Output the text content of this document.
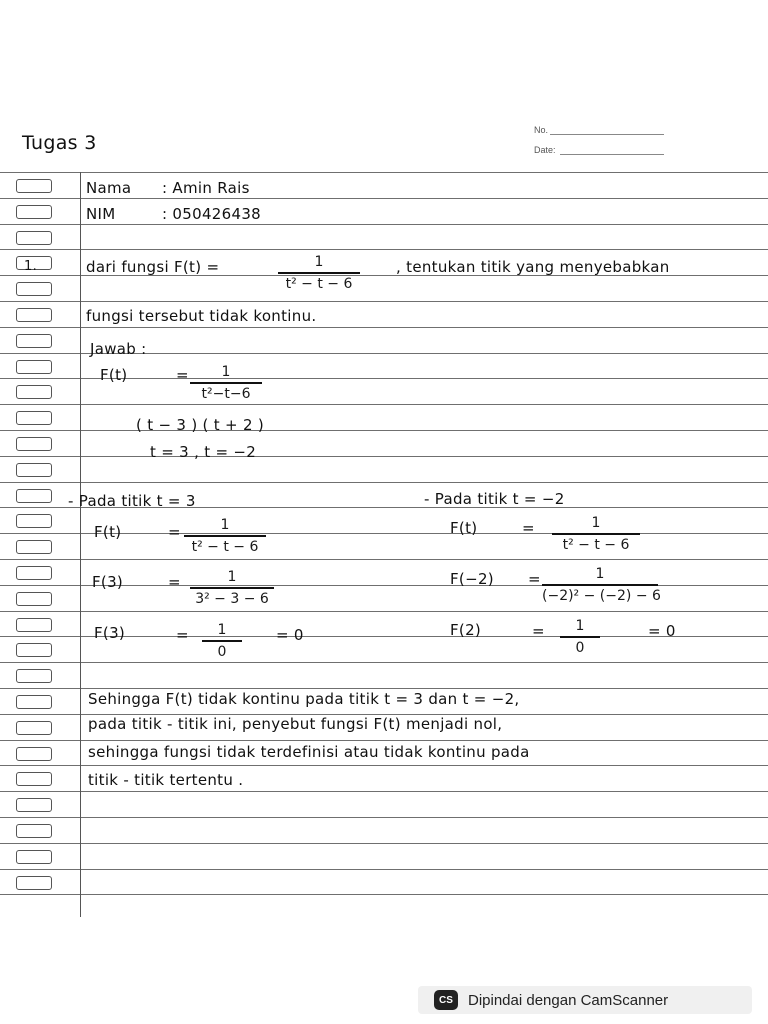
Tugas 3
No.
Date:
Nama : Amin Rais
NIM	: 050426438
1.	dari fungsi F(t) =	1
t² − t − 6
, tentukan titik yang menyebabkan
fungsi tersebut tidak kontinu.
Jawab :
F(t)	=	1
t²−t−6
( t − 3 ) ( t + 2 )
t = 3 , t = −2
- Pada titik t = 3
F(t)	=	1
t² − t − 6
F(3)	=	1
3² − 3 − 6
F(3)	=	1
0
= 0
- Pada titik t = −2
F(t)	=	1
t² − t − 6
F(−2) =	1
(−2)² − (−2) − 6
F(2)	=	1
0
= 0
Sehingga F(t) tidak kontinu pada titik t = 3 dan t = −2,
pada titik - titik ini, penyebut fungsi F(t) menjadi nol,
sehingga fungsi tidak terdefinisi atau tidak kontinu pada
titik - titik tertentu .
CS	Dipindai dengan CamScanner
